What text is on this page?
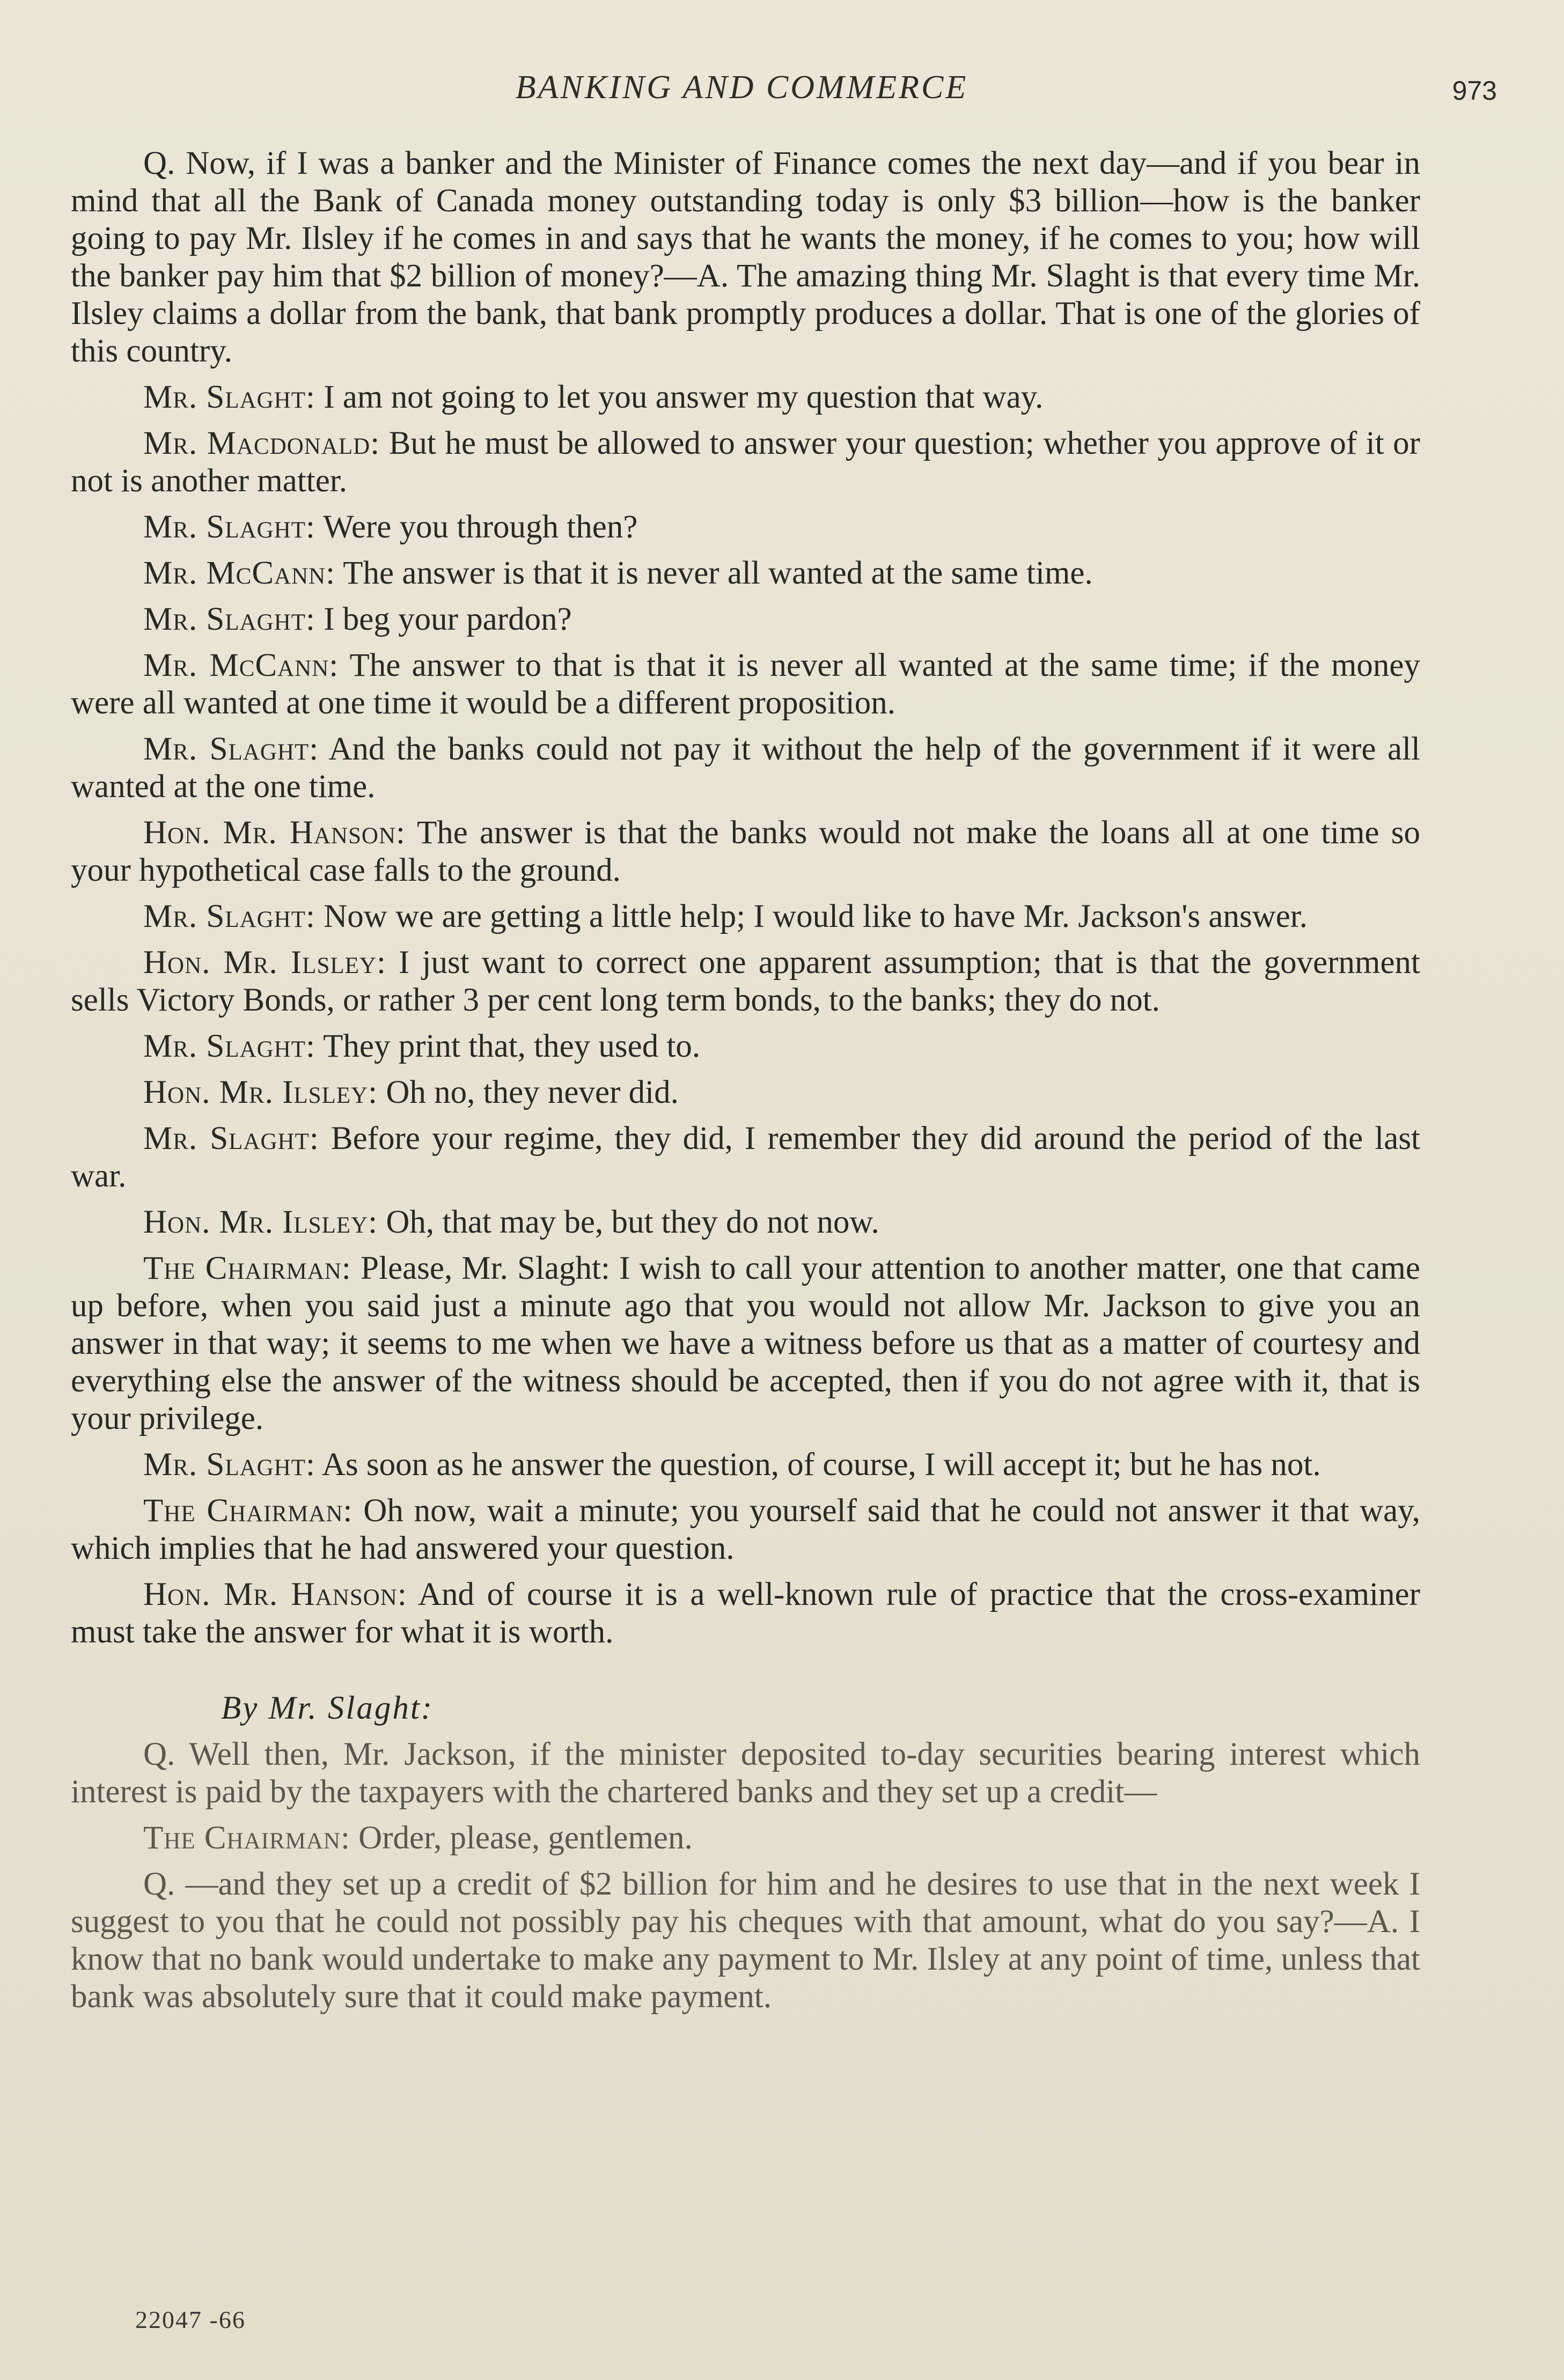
BANKING AND COMMERCE	973

Q. Now, if I was a banker and the Minister of Finance comes the next day—and if you bear in mind that all the Bank of Canada money outstanding today is only $3 billion—how is the banker going to pay Mr. Ilsley if he comes in and says that he wants the money, if he comes to you; how will the banker pay him that $2 billion of money?—A. The amazing thing Mr. Slaght is that every time Mr. Ilsley claims a dollar from the bank, that bank promptly produces a dollar. That is one of the glories of this country.

Mr. Slaght: I am not going to let you answer my question that way.

Mr. Macdonald: But he must be allowed to answer your question; whether you approve of it or not is another matter.

Mr. Slaght: Were you through then?

Mr. McCann: The answer is that it is never all wanted at the same time.

Mr. Slaght: I beg your pardon?

Mr. McCann: The answer to that is that it is never all wanted at the same time; if the money were all wanted at one time it would be a different proposition.

Mr. Slaght: And the banks could not pay it without the help of the government if it were all wanted at the one time.

Hon. Mr. Hanson: The answer is that the banks would not make the loans all at one time so your hypothetical case falls to the ground.

Mr. Slaght: Now we are getting a little help; I would like to have Mr. Jackson's answer.

Hon. Mr. Ilsley: I just want to correct one apparent assumption; that is that the government sells Victory Bonds, or rather 3 per cent long term bonds, to the banks; they do not.

Mr. Slaght: They print that, they used to.

Hon. Mr. Ilsley: Oh no, they never did.

Mr. Slaght: Before your regime, they did, I remember they did around the period of the last war.

Hon. Mr. Ilsley: Oh, that may be, but they do not now.

The Chairman: Please, Mr. Slaght: I wish to call your attention to another matter, one that came up before, when you said just a minute ago that you would not allow Mr. Jackson to give you an answer in that way; it seems to me when we have a witness before us that as a matter of courtesy and everything else the answer of the witness should be accepted, then if you do not agree with it, that is your privilege.

Mr. Slaght: As soon as he answer the question, of course, I will accept it; but he has not.

The Chairman: Oh now, wait a minute; you yourself said that he could not answer it that way, which implies that he had answered your question.

Hon. Mr. Hanson: And of course it is a well-known rule of practice that the cross-examiner must take the answer for what it is worth.

By Mr. Slaght:

Q. Well then, Mr. Jackson, if the minister deposited to-day securities bearing interest which interest is paid by the taxpayers with the chartered banks and they set up a credit—

The Chairman: Order, please, gentlemen.

Q. —and they set up a credit of $2 billion for him and he desires to use that in the next week I suggest to you that he could not possibly pay his cheques with that amount, what do you say?—A. I know that no bank would undertake to make any payment to Mr. Ilsley at any point of time, unless that bank was absolutely sure that it could make payment.

22047 -66
